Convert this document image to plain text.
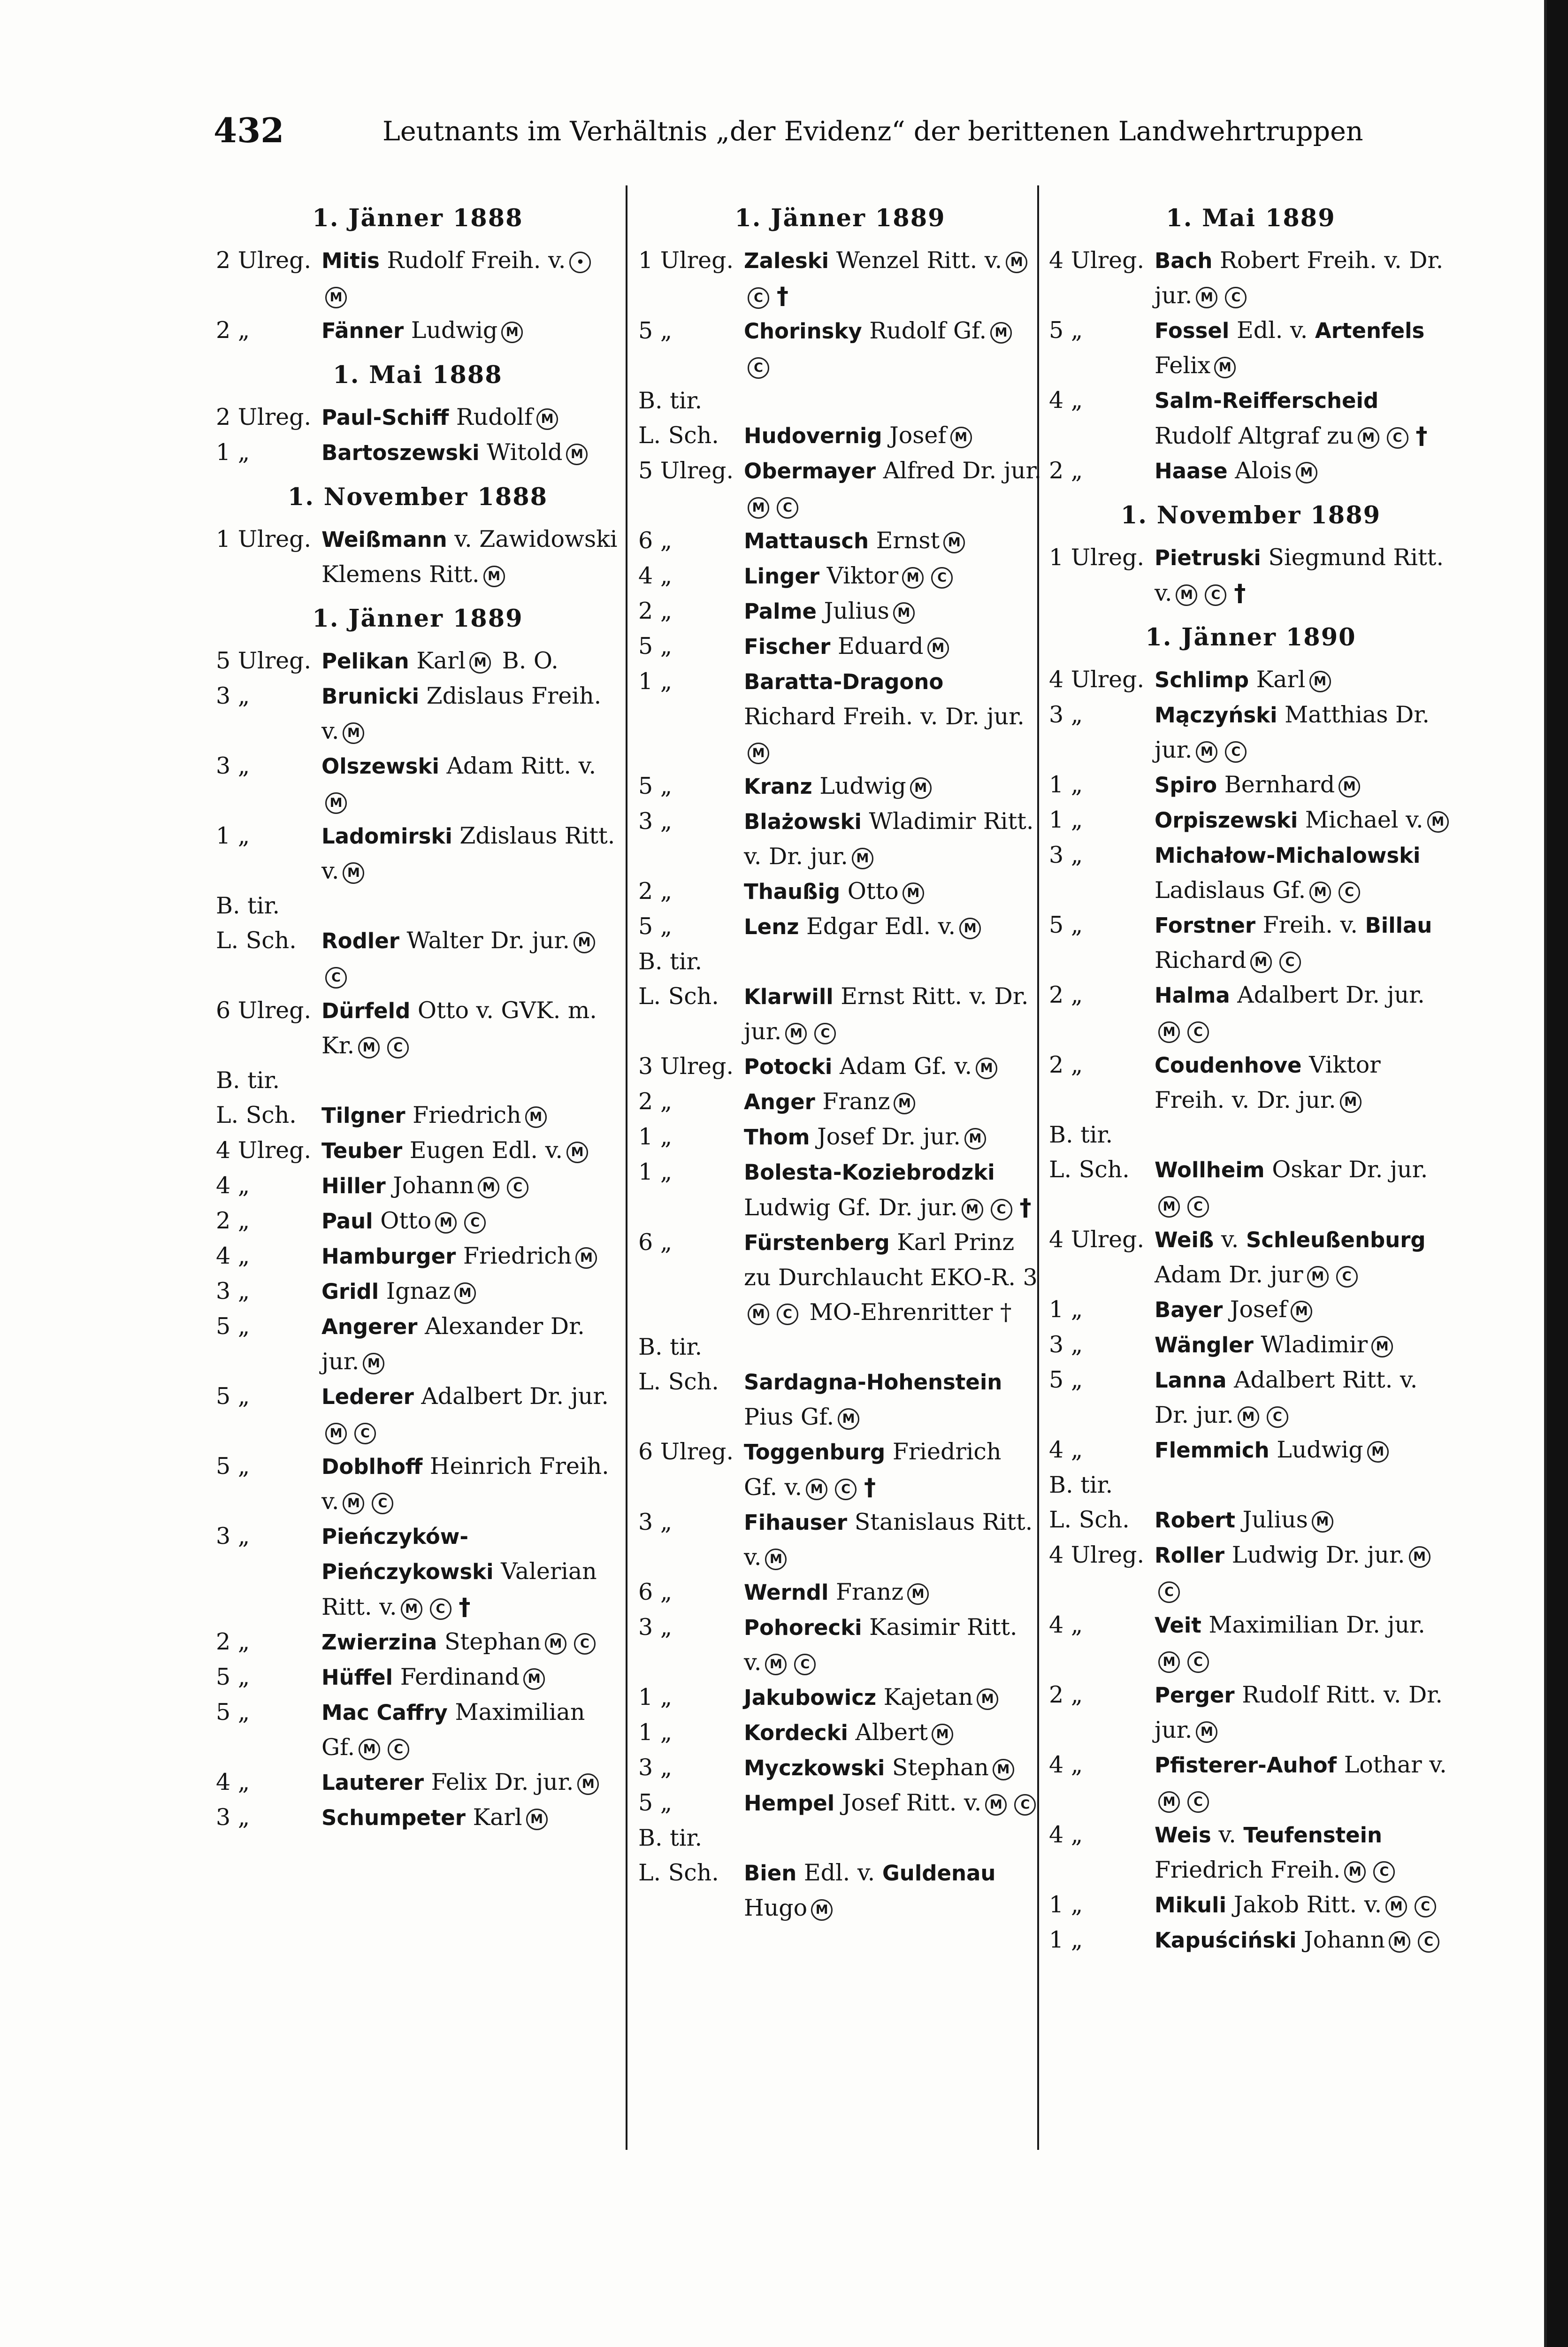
432	Leutnants im Verhältnis „der Evidenz“ der berittenen Landwehrtruppen
1. Jänner 1888
2 Ulreg. Mitis Rudolf Freih. v. •M
2 „	Fänner Ludwig M
1. Mai 1888
2 Ulreg. Paul-Schiff Rudolf M
1 „	Bartoszewski Witold M
1. November 1888
1 Ulreg. Weißmann v. Zawidowski Klemens Ritt. M
1. Jänner 1889
5 Ulreg. Pelikan Karl M B. O.
3 „	Brunicki Zdislaus Freih. v. M
3 „	Olszewski Adam Ritt. v.M
1 „	Ladomirski Zdislaus Ritt. v. M
B. tir.
L. Sch.	Rodler Walter Dr. jur. MC
6 Ulreg. Dürfeld Otto v. GVK. m. Kr. M C
B. tir.
L. Sch.	Tilgner Friedrich M
4 Ulreg. Teuber Eugen Edl. v. M
4 „	Hiller Johann M C
2 „	Paul Otto M C
4 „	Hamburger Friedrich M
3 „	Gridl Ignaz M
5 „	Angerer Alexander Dr. jur. M
5 „	Lederer Adalbert Dr. jur.M C
5 „	Doblhoff Heinrich Freih. v. M C
3 „	Pieńczyków-Pieńczykowski Valerian Ritt. v. M C †
2 „	Zwierzina Stephan M C
5 „	Hüffel Ferdinand M
5 „	Mac Caffry Maximilian Gf. M C
4 „	Lauterer Felix Dr. jur. M
3 „	Schumpeter Karl M
1. Jänner 1889
1 Ulreg. Zaleski Wenzel Ritt. v. MC †
5 „	Chorinsky Rudolf Gf. MC
B. tir.
L. Sch.	Hudovernig Josef M
5 Ulreg. Obermayer Alfred Dr. jur.M C
6 „	Mattausch Ernst M
4 „	Linger Viktor M C
2 „	Palme Julius M
5 „	Fischer Eduard M
1 „	Baratta-Dragono Richard Freih. v. Dr. jur.M
5 „	Kranz Ludwig M
3 „	Blażowski Wladimir Ritt. v. Dr. jur. M
2 „	Thaußig Otto M
5 „	Lenz Edgar Edl. v. M
B. tir.
L. Sch.	Klarwill Ernst Ritt. v. Dr. jur. M C
3 Ulreg. Potocki Adam Gf. v. M
2 „	Anger Franz M
1 „	Thom Josef Dr. jur. M
1 „	Bolesta-Koziebrodzki Ludwig Gf. Dr. jur. M C †
6 „	Fürstenberg Karl Prinz zu Durchlaucht EKO-R. 3M C MO-Ehrenritter †
B. tir.
L. Sch.	Sardagna-Hohenstein Pius Gf. M
6 Ulreg. Toggenburg Friedrich Gf. v. M C †
3 „	Fihauser Stanislaus Ritt. v. M
6 „	Werndl Franz M
3 „	Pohorecki Kasimir Ritt. v. M C
1 „	Jakubowicz Kajetan M
1 „	Kordecki Albert M
3 „	Myczkowski Stephan M
5 „	Hempel Josef Ritt. v. M C
B. tir.
L. Sch.	Bien Edl. v. Guldenau Hugo M
1. Mai 1889
4 Ulreg. Bach Robert Freih. v. Dr. jur. M C
5 „	Fossel Edl. v. Artenfels Felix M
4 „	Salm-Reifferscheid Rudolf Altgraf zu M C †
2 „	Haase Alois M
1. November 1889
1 Ulreg. Pietruski Siegmund Ritt. v. M C †
1. Jänner 1890
4 Ulreg. Schlimp Karl M
3 „	Mączyński Matthias Dr. jur. M C
1 „	Spiro Bernhard M
1 „	Orpiszewski Michael v. M
3 „	Michałow-Michalowski Ladislaus Gf. M C
5 „	Forstner Freih. v. Billau Richard M C
2 „	Halma Adalbert Dr. jur.M C
2 „	Coudenhove Viktor Freih. v. Dr. jur. M
B. tir.
L. Sch.	Wollheim Oskar Dr. jur.M C
4 Ulreg. Weiß v. Schleußenburg Adam Dr. jur M C
1 „	Bayer Josef M
3 „	Wängler Wladimir M
5 „	Lanna Adalbert Ritt. v. Dr. jur. M C
4 „	Flemmich Ludwig M
B. tir.
L. Sch.	Robert Julius M
4 Ulreg. Roller Ludwig Dr. jur. MC
4 „	Veit Maximilian Dr. jur.M C
2 „	Perger Rudolf Ritt. v. Dr. jur. M
4 „	Pfisterer-Auhof Lothar v.M C
4 „	Weis v. Teufenstein Friedrich Freih. M C
1 „	Mikuli Jakob Ritt. v. M C
1 „	Kapuściński Johann M C
